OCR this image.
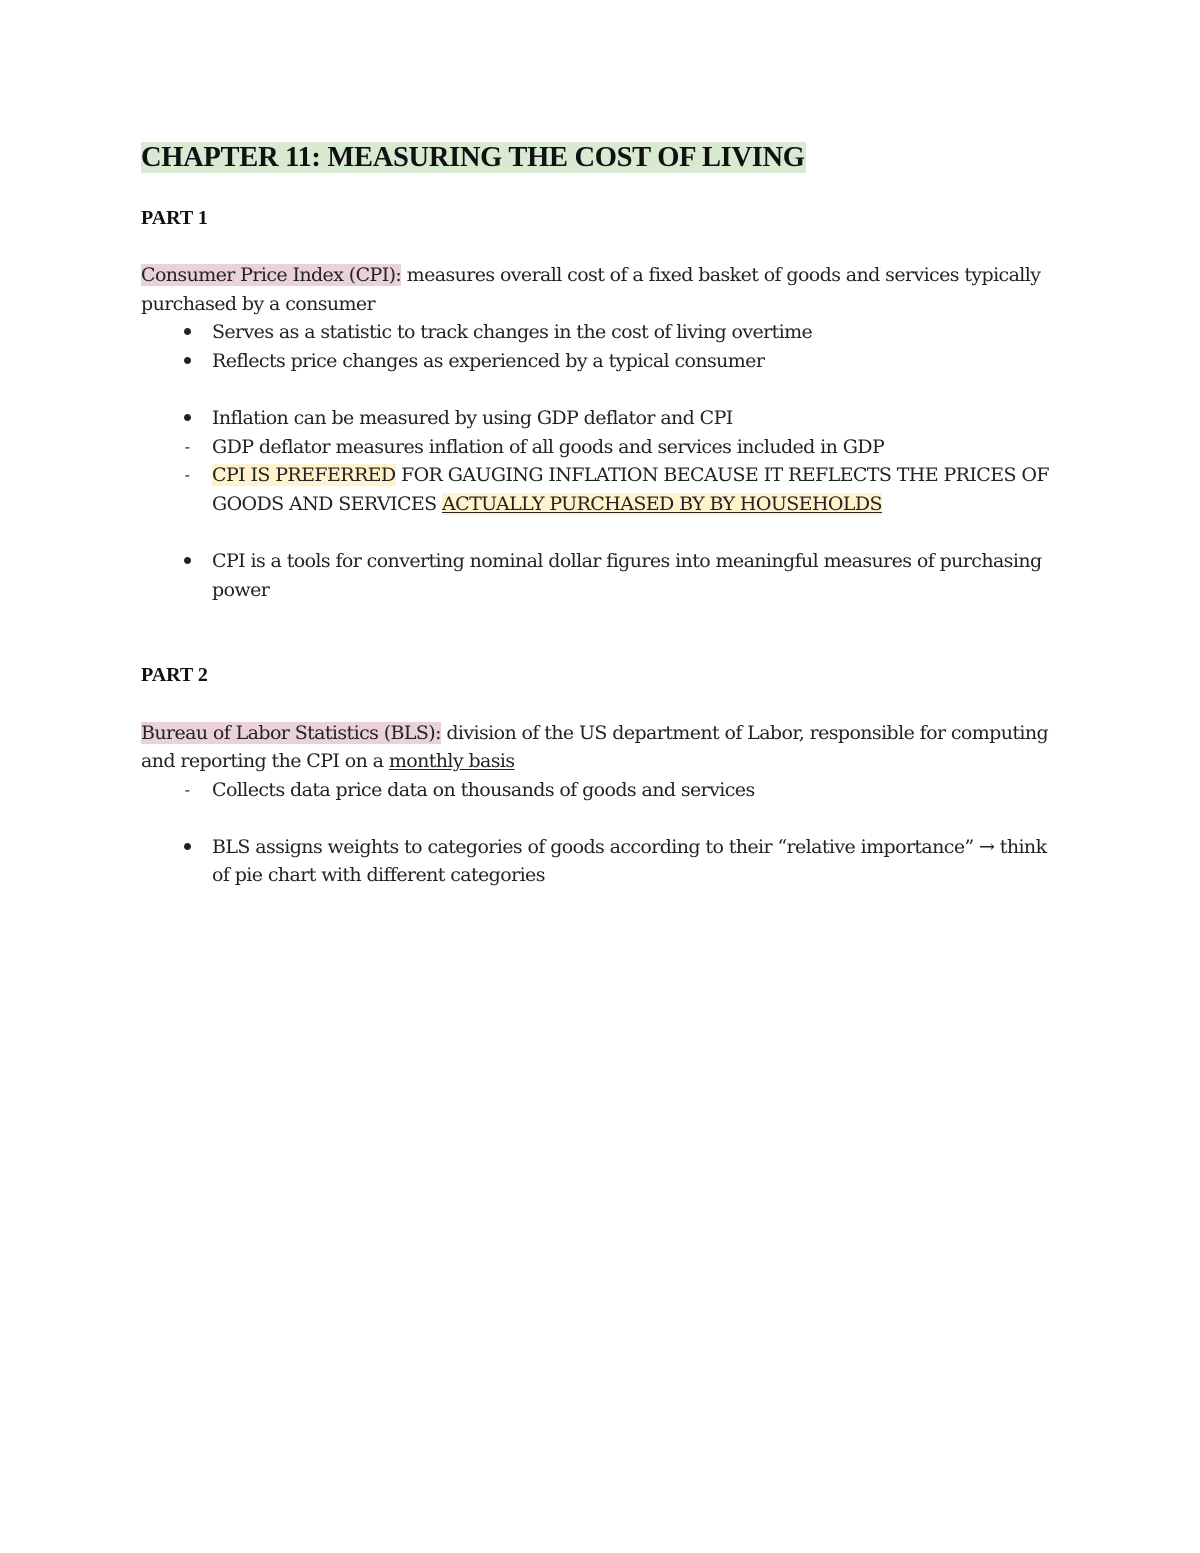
CHAPTER 11: MEASURING THE COST OF LIVING
PART 1

Consumer Price Index (CPI): measures overall cost of a fixed basket of goods and services typically purchased by a consumer

Serves as a statistic to track changes in the cost of living overtime
Reflects price changes as experienced by a typical consumer
Inflation can be measured by using GDP deflator and CPI
-	GDP deflator measures inflation of all goods and services included in GDP
-	CPI IS PREFERRED FOR GAUGING INFLATION BECAUSE IT REFLECTS THE PRICES OF GOODS AND SERVICES ACTUALLY PURCHASED BY BY HOUSEHOLDS
CPI is a tools for converting nominal dollar figures into meaningful measures of purchasing power
PART 2

Bureau of Labor Statistics (BLS): division of the US department of Labor, responsible for computing and reporting the CPI on a monthly basis

-	Collects data price data on thousands of goods and services
BLS assigns weights to categories of goods according to their “relative importance” → think of pie chart with different categories
